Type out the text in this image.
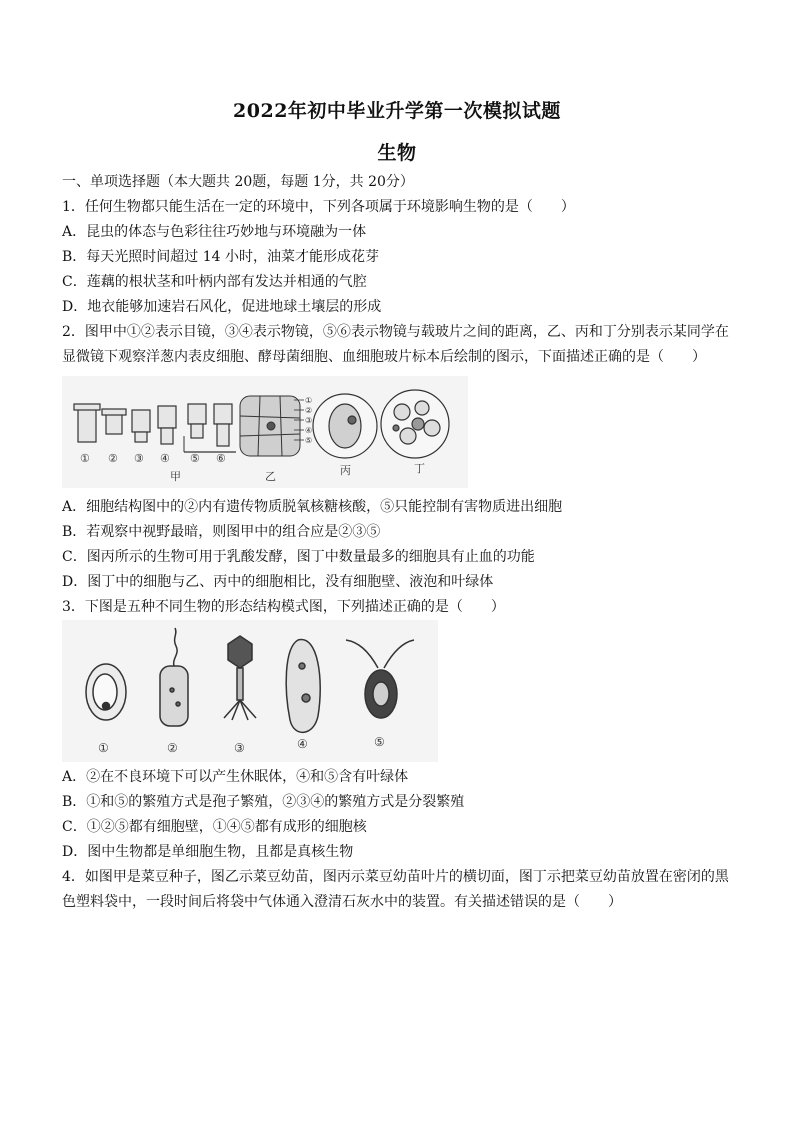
2022年初中毕业升学第一次模拟试题
生物
一、单项选择题（本大题共 20题，每题 1分，共 20分）
1．任何生物都只能生活在一定的环境中，下列各项属于环境影响生物的是（　　）
A．昆虫的体态与色彩往往巧妙地与环境融为一体
B．每天光照时间超过 14 小时，油菜才能形成花芽
C．莲藕的根状茎和叶柄内部有发达并相通的气腔
D．地衣能够加速岩石风化，促进地球土壤层的形成
2．图甲中①②表示目镜，③④表示物镜，⑤⑥表示物镜与载玻片之间的距离，乙、丙和丁分别表示某同学在
显微镜下观察洋葱内表皮细胞、酵母菌细胞、血细胞玻片标本后绘制的图示，下面描述正确的是（　　）
①
②
③
④
⑤
① ② ③ ④ ⑤ ⑥
甲	乙	丙	丁
A．细胞结构图中的②内有遗传物质脱氧核糖核酸，⑤只能控制有害物质进出细胞
B．若观察中视野最暗，则图甲中的组合应是②③⑤
C．图丙所示的生物可用于乳酸发酵，图丁中数量最多的细胞具有止血的功能
D．图丁中的细胞与乙、丙中的细胞相比，没有细胞壁、液泡和叶绿体
3．下图是五种不同生物的形态结构模式图，下列描述正确的是（　　）
①	②	③	④	⑤
A．②在不良环境下可以产生休眠体，④和⑤含有叶绿体
B．①和⑤的繁殖方式是孢子繁殖，②③④的繁殖方式是分裂繁殖
C．①②⑤都有细胞壁，①④⑤都有成形的细胞核
D．图中生物都是单细胞生物，且都是真核生物
4．如图甲是菜豆种子，图乙示菜豆幼苗，图丙示菜豆幼苗叶片的横切面，图丁示把菜豆幼苗放置在密闭的黑
色塑料袋中，一段时间后将袋中气体通入澄清石灰水中的装置。有关描述错误的是（　　）
